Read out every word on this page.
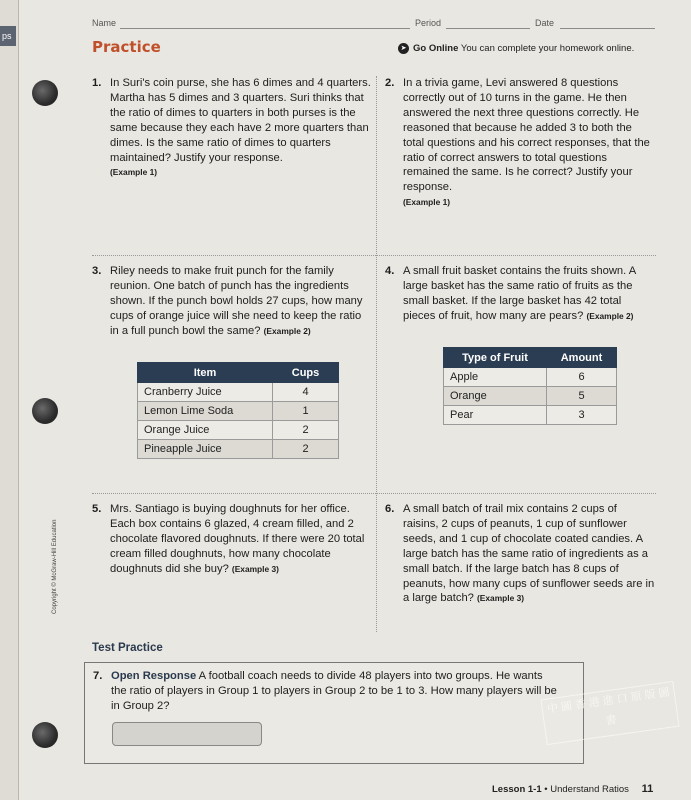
ps
Name	Period	Date
Practice	➤ Go Online You can complete your homework online.
1. In Suri's coin purse, she has 6 dimes and 4 quarters. Martha has 5 dimes and 3 quarters. Suri thinks that the ratio of dimes to quarters in both purses is the same because they each have 2 more quarters than dimes. Is the same ratio of dimes to quarters maintained? Justify your response.
(Example 1)
2. In a trivia game, Levi answered 8 questions correctly out of 10 turns in the game. He then answered the next three questions correctly. He reasoned that because he added 3 to both the total questions and his correct responses, that the ratio of correct answers to total questions remained the same. Is he correct? Justify your response.
(Example 1)
3. Riley needs to make fruit punch for the family reunion. One batch of punch has the ingredients shown. If the punch bowl holds 27 cups, how many cups of orange juice will she need to keep the ratio in a full punch bowl the same? (Example 2)
4. A small fruit basket contains the fruits shown. A large basket has the same ratio of fruits as the small basket. If the large basket has 42 total pieces of fruit, how many are pears? (Example 2)
Item	Cups
Cranberry Juice	4
Lemon Lime Soda	1
Orange Juice	2
Pineapple Juice	2
Type of Fruit	Amount
Apple	6
Orange	5
Pear	3
5. Mrs. Santiago is buying doughnuts for her office. Each box contains 6 glazed, 4 cream filled, and 2 chocolate flavored doughnuts. If there were 20 total cream filled doughnuts, how many chocolate doughnuts did she buy? (Example 3)
6. A small batch of trail mix contains 2 cups of raisins, 2 cups of peanuts, 1 cup of sunflower seeds, and 1 cup of chocolate coated candies. A large batch has the same ratio of ingredients as a small batch. If the large batch has 8 cups of peanuts, how many cups of sunflower seeds are in a large batch? (Example 3)
Test Practice
7. Open Response A football coach needs to divide 48 players into two groups. He wants the ratio of players in Group 1 to players in Group 2 to be 1 to 3. How many players will be in Group 2?
Copyright © McGraw-Hill Education
中 圖 香 港 進 口 原 版 圖 書
Lesson 1-1 • Understand Ratios 11
